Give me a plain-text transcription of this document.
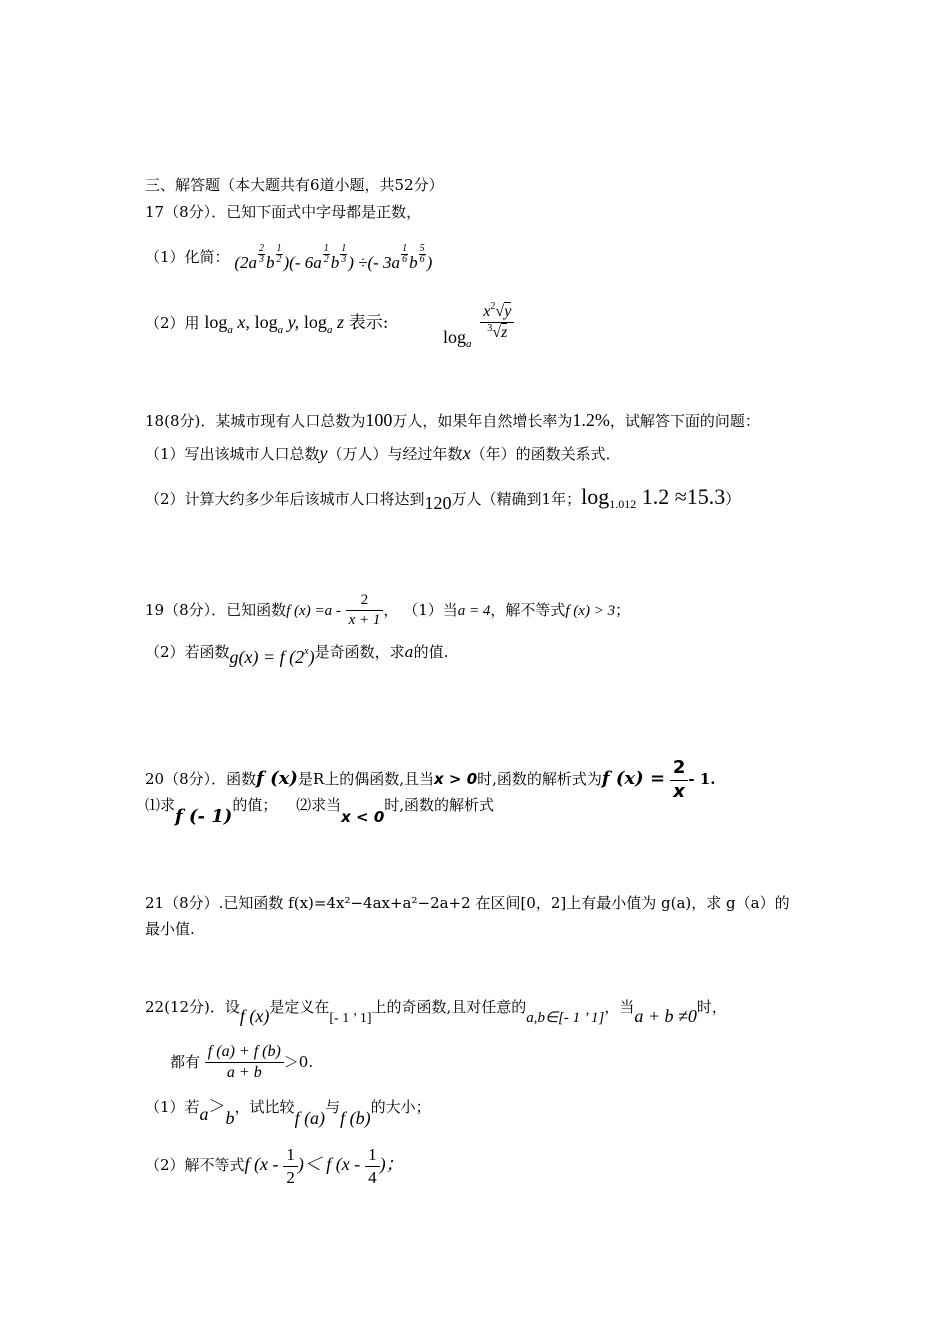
三、解答题（本大题共有6道小题，共52分）
17（8分）．已知下面式中字母都是正数，
（1）化简： ($2a \frac{2}{3}$ b $\frac{1}{2}$ )(- $6a \frac{1}{2}$ b $\frac{1}{3}$ ) ÷(- $3a \frac{1}{6}$ b $\frac{5}{6}$ )
（2）用 $\log_a x$, $\log_a y$, $\log_a z$ 表示:
$\log_a$
$\frac{x^2√y}{^3√z}$
18(8分)．某城市现有人口总数为100万人，如果年自然增长率为1.2%，试解答下面的问题：
（1）写出该城市人口总数y（万人）与经过年数x（年）的函数关系式．
（2）计算大约多少年后该城市人口将达到120万人（精确到1年；log1.012 1.2 ≈15.3）
19（8分）．已知函数f $(x) =a - \frac{2}{x + 1}$ ， （1）当a = 4，解不等式f (x) > 3；
（2）若函数g(x) = f (2$^x$)是奇函数，求a的值.
20（8分）．函数f (x)是R上的偶函数,且当x > 0时,函数的解析式为f $(x) = \frac{2}{x} - 1$.
⑴求f (- 1)的值； ⑵求当x < 0时,函数的解析式
21（8分）.已知函数 f(x)=4x²−4ax+a²−2a+2 在区间[0，2]上有最小值为 g(a)，求 g（a）的
最小值.
22(12分)．设f (x)是定义在[- 1 ’ 1]上的奇函数,且对任意的a,b∈[- 1 ’ 1]，当a + b ≠0时，
都有 $\frac{f (a) + f (b)}{a + b} >0$.
（1）若a＞b，试比较f (a)与f (b)的大小；
（2）解不等式f ($x - \frac{1}{2}$ )＜ f ($x - \frac{1}{4}$ )；
